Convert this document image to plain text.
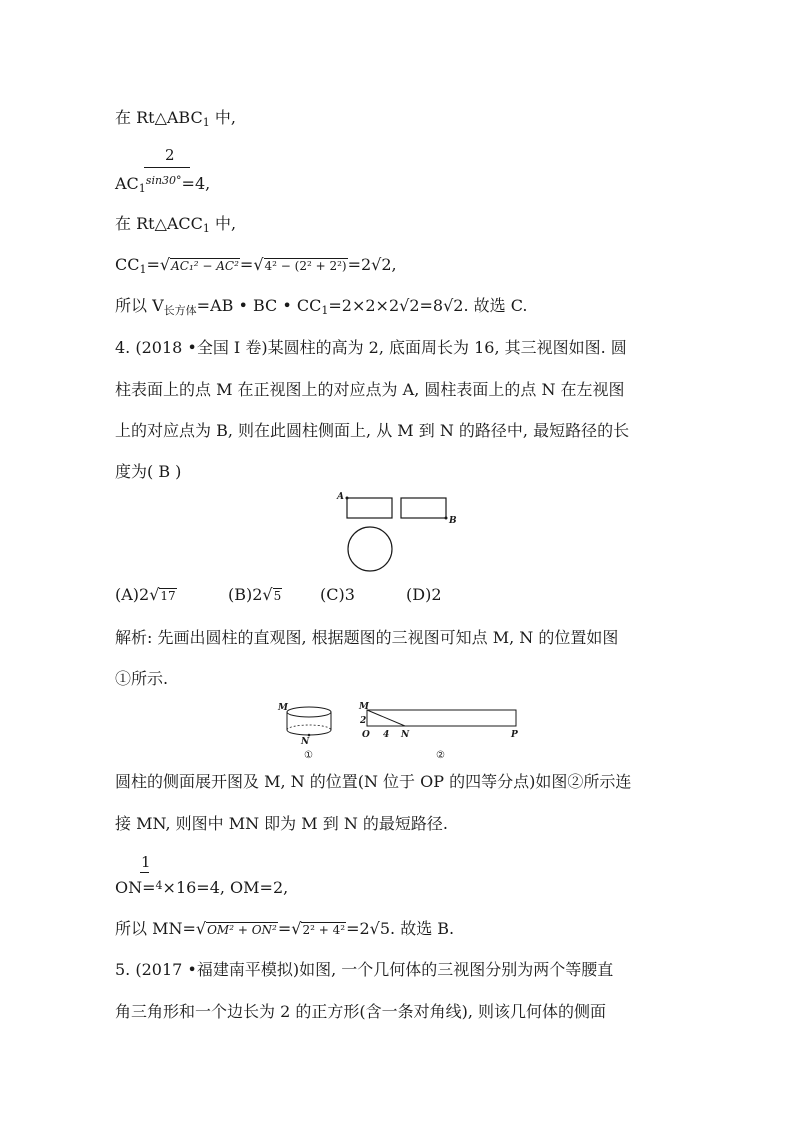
在 $Rt\triangle ABC_1$ 中,
2
$AC_1^{sin30^\circ}=4$,
在 $Rt\triangle ACC_1$ 中,
$CC_1=√AC_1^2 - AC^2=√4^2 - (2^2 + 2^2)=2√2$,
所以 $V_{长方体}=AB$ • BC • $CC_1=2\times 2\times 2√2=8√2$. 故选 C.
4. (2018 •全国 I 卷)某圆柱的高为 2, 底面周长为 16, 其三视图如图. 圆
柱表面上的点 M 在正视图上的对应点为 A, 圆柱表面上的点 N 在左视图
上的对应点为 B, 则在此圆柱侧面上, 从 M 到 N 的路径中, 最短路径的长
度为( B )
A
B
(A)2√17	(B)2√5 (C)3	(D)2
解析: 先画出圆柱的直观图, 根据题图的三视图可知点 M, N 的位置如图
①所示.
M
N
①
M
2
O 4 N	P
②
圆柱的侧面展开图及 M, N 的位置(N 位于 OP 的四等分点)如图②所示连
接 MN, 则图中 MN 即为 M 到 N 的最短路径.
1
ON=$^4$×16=4, OM=2,
所以 MN=√OM² + ON²=√2² + 4²=2√5. 故选 B.
5. (2017 •福建南平模拟)如图, 一个几何体的三视图分别为两个等腰直
角三角形和一个边长为 2 的正方形(含一条对角线), 则该几何体的侧面
